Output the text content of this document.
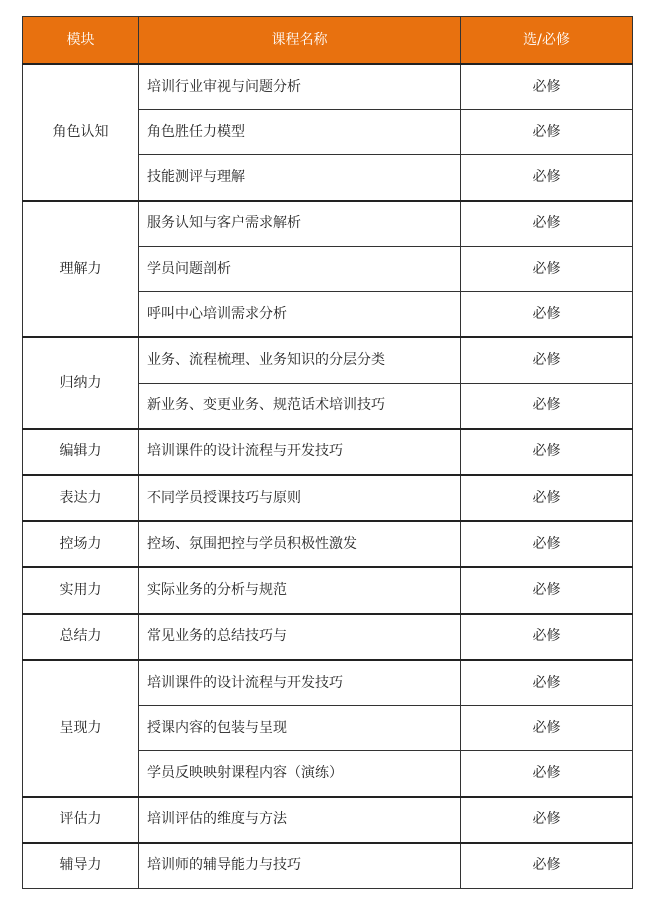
模块	课程名称	选/必修
角色认知	培训行业审视与问题分析	必修
	角色胜任力模型	必修
	技能测评与理解	必修
理解力	服务认知与客户需求解析	必修
	学员问题剖析	必修
	呼叫中心培训需求分析	必修
归纳力	业务、流程梳理、业务知识的分层分类	必修
	新业务、变更业务、规范话术培训技巧	必修
编辑力	培训课件的设计流程与开发技巧	必修
表达力	不同学员授课技巧与原则	必修
控场力	控场、氛围把控与学员积极性激发	必修
实用力	实际业务的分析与规范	必修
总结力	常见业务的总结技巧与	必修
呈现力	培训课件的设计流程与开发技巧	必修
	授课内容的包装与呈现	必修
	学员反映映射课程内容（演练）	必修
评估力	培训评估的维度与方法	必修
辅导力	培训师的辅导能力与技巧	必修
